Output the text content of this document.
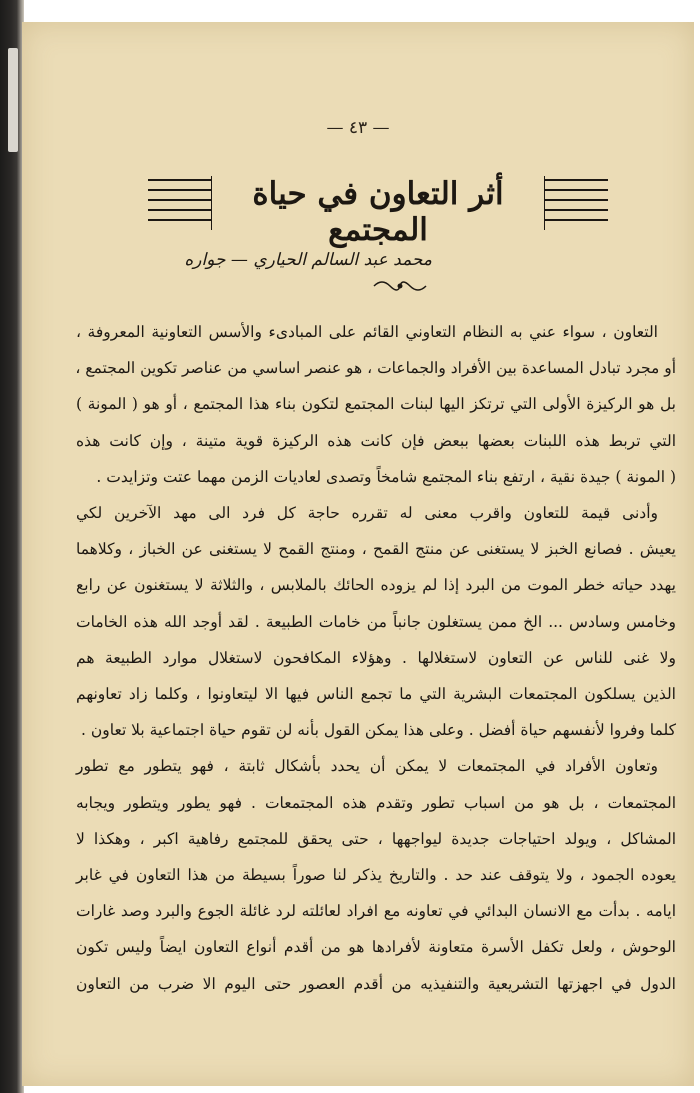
— ٤٣ —
أثر التعاون في حياة المجتمع
محمد عبد السالم الحياري — جواره
التعاون ، سواء عني به النظام التعاوني القائم على المبادىء والأسس التعاونية المعروفة ،
أو مجرد تبادل المساعدة بين الأفراد والجماعات ، هو عنصر اساسي من عناصر تكوين المجتمع ،
بل هو الركيزة الأولى التي ترتكز اليها لبنات المجتمع لتكون بناء هذا المجتمع ، أو هو ( المونة )
التي تربط هذه اللبنات بعضها ببعض فإن كانت هذه الركيزة قوية متينة ، وإن كانت هذه
( المونة ) جيدة نقية ، ارتفع بناء المجتمع شامخاً وتصدى لعاديات الزمن مهما عتت وتزايدت .
وأدنى قيمة للتعاون واقرب معنى له تقرره حاجة كل فرد الى مهد الآخرين لكي
يعيش . فصانع الخبز لا يستغنى عن منتج القمح ، ومنتج القمح لا يستغنى عن الخباز ، وكلاهما
يهدد حياته خطر الموت من البرد إذا لم يزوده الحائك بالملابس ، والثلاثة لا يستغنون عن رابع
وخامس وسادس ... الخ ممن يستغلون جانباً من خامات الطبيعة . لقد أوجد الله هذه الخامات
ولا غنى للناس عن التعاون لاستغلالها . وهؤلاء المكافحون لاستغلال موارد الطبيعة هم
الذين يسلكون المجتمعات البشرية التي ما تجمع الناس فيها الا ليتعاونوا ، وكلما زاد تعاونهم
كلما وفروا لأنفسهم حياة أفضل . وعلى هذا يمكن القول بأنه لن تقوم حياة اجتماعية بلا تعاون .
وتعاون الأفراد في المجتمعات لا يمكن أن يحدد بأشكال ثابتة ، فهو يتطور مع تطور
المجتمعات ، بل هو من اسباب تطور وتقدم هذه المجتمعات . فهو يطور ويتطور ويجابه
المشاكل ، ويولد احتياجات جديدة ليواجهها ، حتى يحقق للمجتمع رفاهية اكبر ، وهكذا لا
يعوده الجمود ، ولا يتوقف عند حد . والتاريخ يذكر لنا صوراً بسيطة من هذا التعاون في غابر
ايامه . بدأت مع الانسان البدائي في تعاونه مع افراد لعائلته لرد غائلة الجوع والبرد وصد غارات
الوحوش ، ولعل تكفل الأسرة متعاونة لأفرادها هو من أقدم أنواع التعاون ايضاً وليس تكون
الدول في اجهزتها التشريعية والتنفيذيه من أقدم العصور حتى اليوم الا ضرب من التعاون
